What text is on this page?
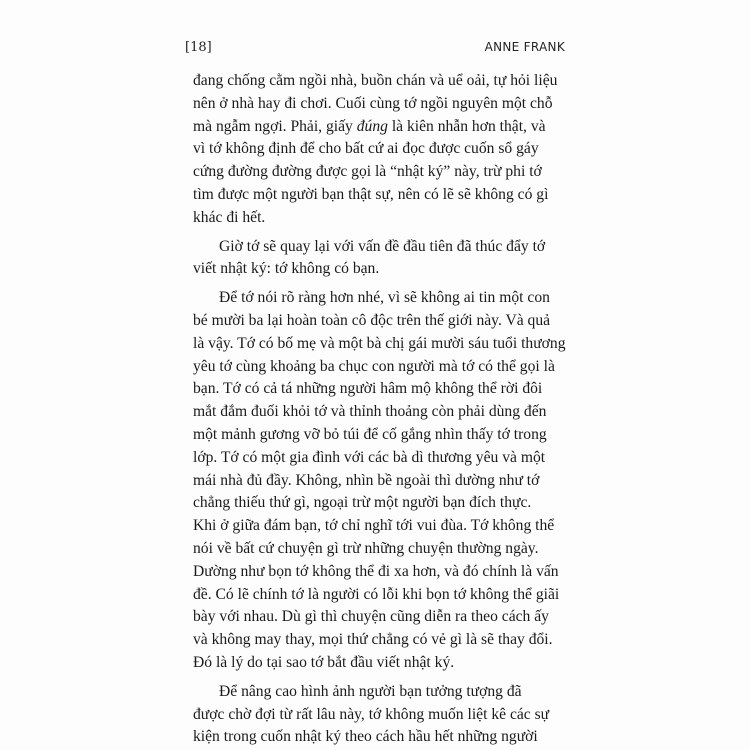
[18]	ANNE FRANK

đang chống cằm ngồi nhà, buồn chán và uể oải, tự hỏi liệu
nên ở nhà hay đi chơi. Cuối cùng tớ ngồi nguyên một chỗ
mà ngẫm ngợi. Phải, giấy đúng là kiên nhẫn hơn thật, và
vì tớ không định để cho bất cứ ai đọc được cuốn sổ gáy
cứng đường đường được gọi là “nhật ký” này, trừ phi tớ
tìm được một người bạn thật sự, nên có lẽ sẽ không có gì
khác đi hết.

Giờ tớ sẽ quay lại với vấn đề đầu tiên đã thúc đẩy tớ
viết nhật ký: tớ không có bạn.

Để tớ nói rõ ràng hơn nhé, vì sẽ không ai tin một con
bé mười ba lại hoàn toàn cô độc trên thế giới này. Và quả
là vậy. Tớ có bố mẹ và một bà chị gái mười sáu tuổi thương
yêu tớ cùng khoảng ba chục con người mà tớ có thể gọi là
bạn. Tớ có cả tá những người hâm mộ không thể rời đôi
mắt đắm đuối khỏi tớ và thỉnh thoảng còn phải dùng đến
một mảnh gương vỡ bỏ túi để cố gắng nhìn thấy tớ trong
lớp. Tớ có một gia đình với các bà dì thương yêu và một
mái nhà đủ đầy. Không, nhìn bề ngoài thì dường như tớ
chẳng thiếu thứ gì, ngoại trừ một người bạn đích thực.
Khi ở giữa đám bạn, tớ chỉ nghĩ tới vui đùa. Tớ không thể
nói về bất cứ chuyện gì trừ những chuyện thường ngày.
Dường như bọn tớ không thể đi xa hơn, và đó chính là vấn
đề. Có lẽ chính tớ là người có lỗi khi bọn tớ không thể giãi
bày với nhau. Dù gì thì chuyện cũng diễn ra theo cách ấy
và không may thay, mọi thứ chẳng có vẻ gì là sẽ thay đổi.
Đó là lý do tại sao tớ bắt đầu viết nhật ký.

Để nâng cao hình ảnh người bạn tưởng tượng đã
được chờ đợi từ rất lâu này, tớ không muốn liệt kê các sự
kiện trong cuốn nhật ký theo cách hầu hết những người
